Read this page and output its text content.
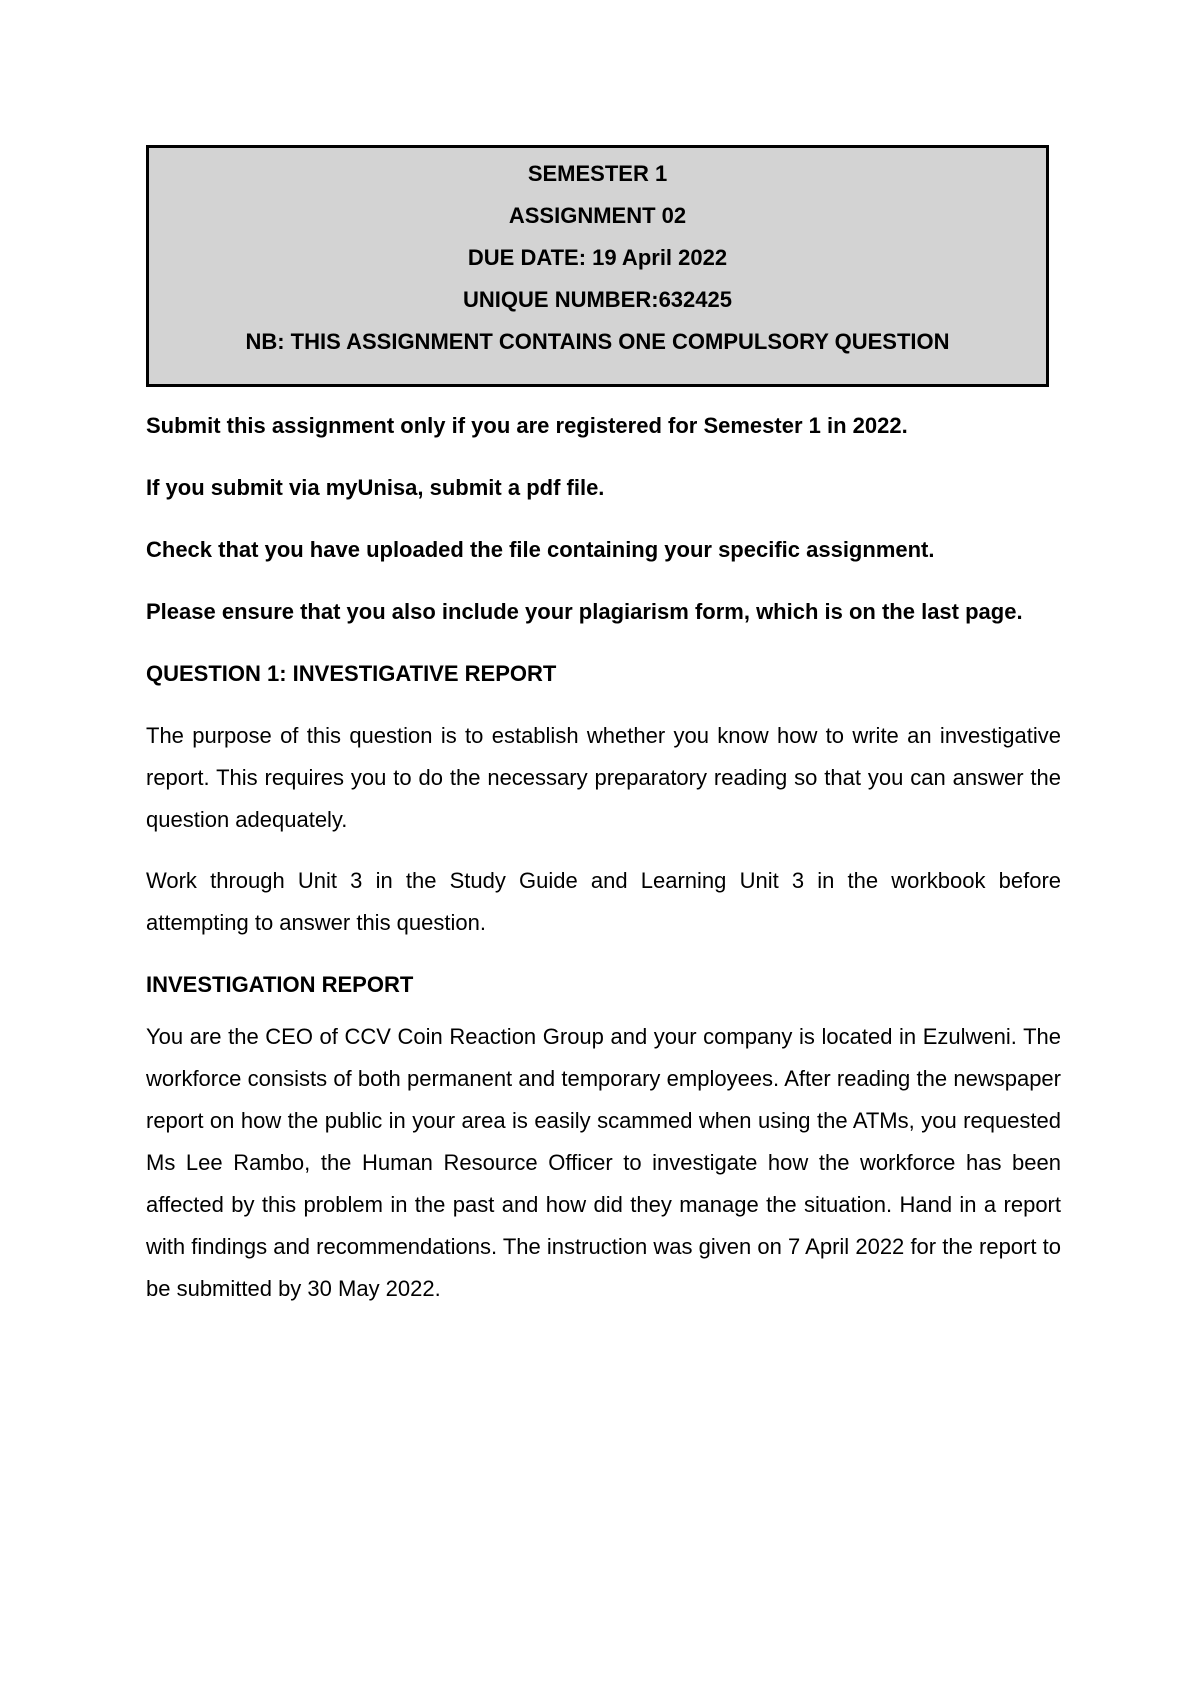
SEMESTER 1

ASSIGNMENT 02

DUE DATE: 19 April 2022

UNIQUE NUMBER:632425

NB: THIS ASSIGNMENT CONTAINS ONE COMPULSORY QUESTION

Submit this assignment only if you are registered for Semester 1 in 2022.

If you submit via myUnisa, submit a pdf file.

Check that you have uploaded the file containing your specific assignment.

Please ensure that you also include your plagiarism form, which is on the last page.

QUESTION 1: INVESTIGATIVE REPORT

The purpose of this question is to establish whether you know how to write an investigative report. This requires you to do the necessary preparatory reading so that you can answer the question adequately.

Work through Unit 3 in the Study Guide and Learning Unit 3 in the workbook before attempting to answer this question.

INVESTIGATION REPORT

You are the CEO of CCV Coin Reaction Group and your company is located in Ezulweni. The workforce consists of both permanent and temporary employees. After reading the newspaper report on how the public in your area is easily scammed when using the ATMs, you requested Ms Lee Rambo, the Human Resource Officer to investigate how the workforce has been affected by this problem in the past and how did they manage the situation. Hand in a report with findings and recommendations. The instruction was given on 7 April 2022 for the report to be submitted by 30 May 2022.
